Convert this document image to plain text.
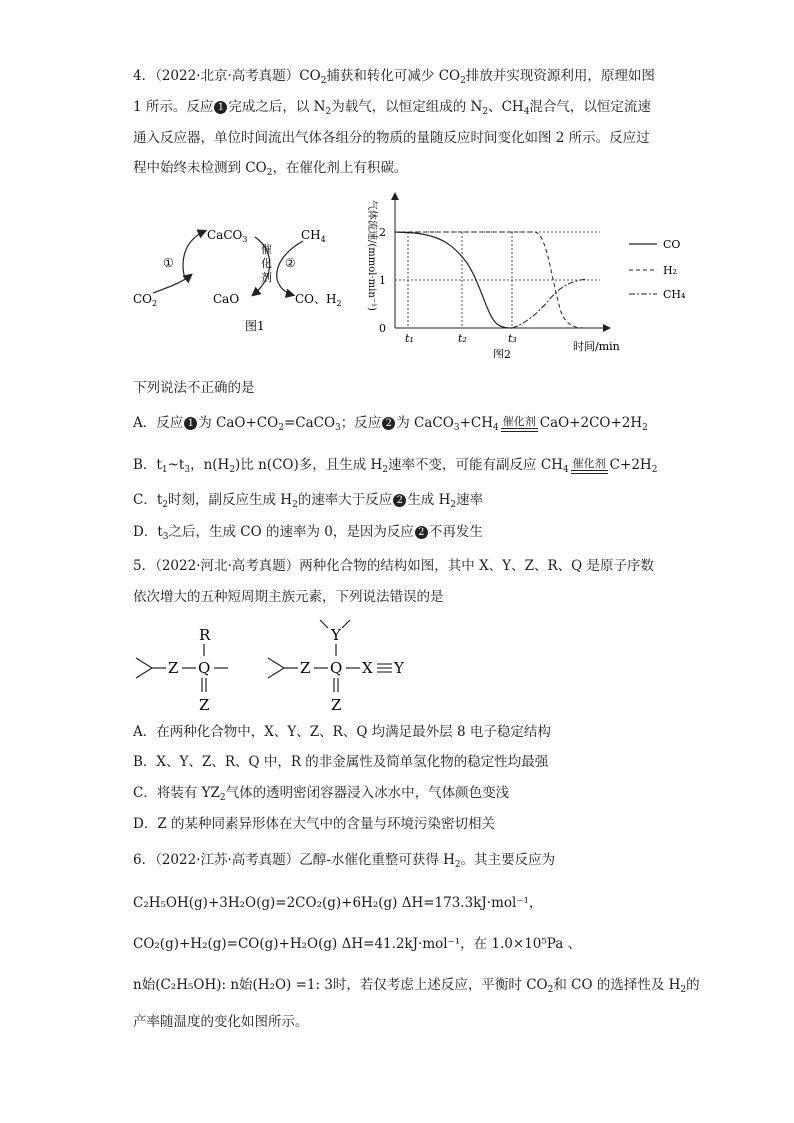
4．（2022·北京·高考真题）$CO_2$捕获和转化可减少 $CO_2$排放并实现资源利用，原理如图
1 所示。反应 1 完成之后，以 $N_2$为载气，以恒定组成的 $N_2$、$CH_4$混合气，以恒定流速
通入反应器，单位时间流出气体各组分的物质的量随反应时间变化如图 2 所示。反应过
程中始终未检测到 $CO_2$，在催化剂上有积碳。
CaCO$_3$	$CH_4$
CaO
$CO_2$	CO、$H_2$
①	②
催
化
剂
图1
气体流速/(mmol·min⁻¹)
0
1
2
t₁	t₂	t₃
时间/min
图2
CO
H₂
CH₄
下列说法不正确的是
A．反应 1 为 $CaO+CO_2=CaCO_3$；反应 2 为 $CaCO_3+CH_4$ 催化剂 $CaO+2CO+2H_2$
B．$t_1\sim t_3$，$n(H_2)$比 n(CO)多，且生成 $H_2$速率不变，可能有副反应 $CH_4$ 催化剂 $C+2H_2$
C．$t_2$时刻，副反应生成 $H_2$的速率大于反应 2 生成 $H_2$速率
D．$t_3$之后，生成 CO 的速率为 0，是因为反应 2 不再发生
5．（2022·河北·高考真题）两种化合物的结构如图，其中 X、Y、Z、R、Q 是原子序数
依次增大的五种短周期主族元素，下列说法错误的是
Z Q
R
Z
Z Q X Y
Y
Z
A．在两种化合物中，X、Y、Z、R、Q 均满足最外层 8 电子稳定结构
B．X、Y、Z、R、Q 中，R 的非金属性及简单氢化物的稳定性均最强
C．将装有 $YZ_2$气体的透明密闭容器浸入冰水中，气体颜色变浅
D．Z 的某种同素异形体在大气中的含量与环境污染密切相关
6．（2022·江苏·高考真题）乙醇-水催化重整可获得 $H_2$。其主要反应为
C₂H₅OH(g)+3H₂O(g)=2CO₂(g)+6H₂(g) ΔH=173.3kJ·mol⁻¹，
CO₂(g)+H₂(g)=CO(g)+H₂O(g) ΔH=41.2kJ·mol⁻¹，在 1.0×10⁵Pa 、
n始(C₂H₅OH): n始(H₂O) =1: 3时，若仅考虑上述反应，平衡时 $CO_2$和 CO 的选择性及 $H_2$的
产率随温度的变化如图所示。
